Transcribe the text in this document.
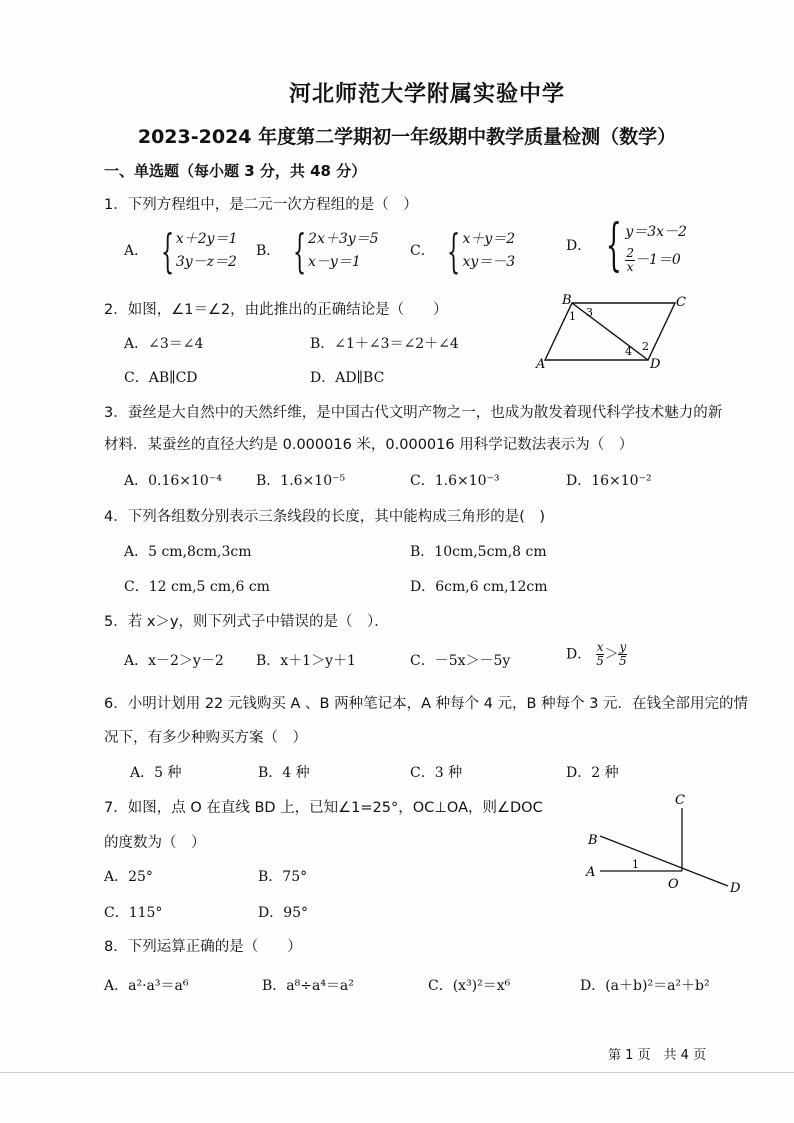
河北师范大学附属实验中学
2023-2024 年度第二学期初一年级期中教学质量检测（数学）
一、单选题（每小题 3 分，共 48 分）
1．下列方程组中，是二元一次方程组的是（　）
A． { x＋2y＝1
3y－z＝2
B． { 2x＋3y＝5
x－y＝1
C． { x＋y＝2
xy＝－3
D． { y＝3x－2
$\frac{2}{x} -1=0$
2．如图，∠1＝∠2，由此推出的正确结论是（　　）
A．∠3＝∠4	B．∠1＋∠3＝∠2＋∠4
C．AB∥CD	D．AD∥BC
B	C
A	D
1 3
4 2
3．蚕丝是大自然中的天然纤维，是中国古代文明产物之一，也成为散发着现代科学技术魅力的新
材料．某蚕丝的直径大约是 0.000016 米，0.000016 用科学记数法表示为（　）
A．0.16×10⁻⁴ B．1.6×10⁻⁵	C．1.6×10⁻³	D．16×10⁻²
4．下列各组数分别表示三条线段的长度，其中能构成三角形的是(　)
A．5 cm,8cm,3cm	B．10cm,5cm,8 cm
C．12 cm,5 cm,6 cm	D．6cm,6 cm,12cm
5．若 x＞y，则下列式子中错误的是（　）．
A．x－2＞y－2 B．x＋1＞y＋1	C．－5x＞－5y	D． $\frac{x}{5} > \frac{y}{5}$
6．小明计划用 22 元钱购买 A 、B 两种笔记本，A 种每个 4 元，B 种每个 3 元．在钱全部用完的情
况下，有多少种购买方案（　）
A．5 种	B．4 种	C．3 种	D．2 种
7．如图，点 O 在直线 BD 上，已知∠1=25°，OC⊥OA，则∠DOC
的度数为（　）
A．25°	B．75°
C．115°	D．95°
C
B
A
O	D
1
8．下列运算正确的是（　　）
A．a²·a³＝a⁶	B．a⁸÷a⁴＝a²	C．(x³)²＝x⁶	D．(a＋b)²＝a²＋b²
第 1 页　共 4 页
